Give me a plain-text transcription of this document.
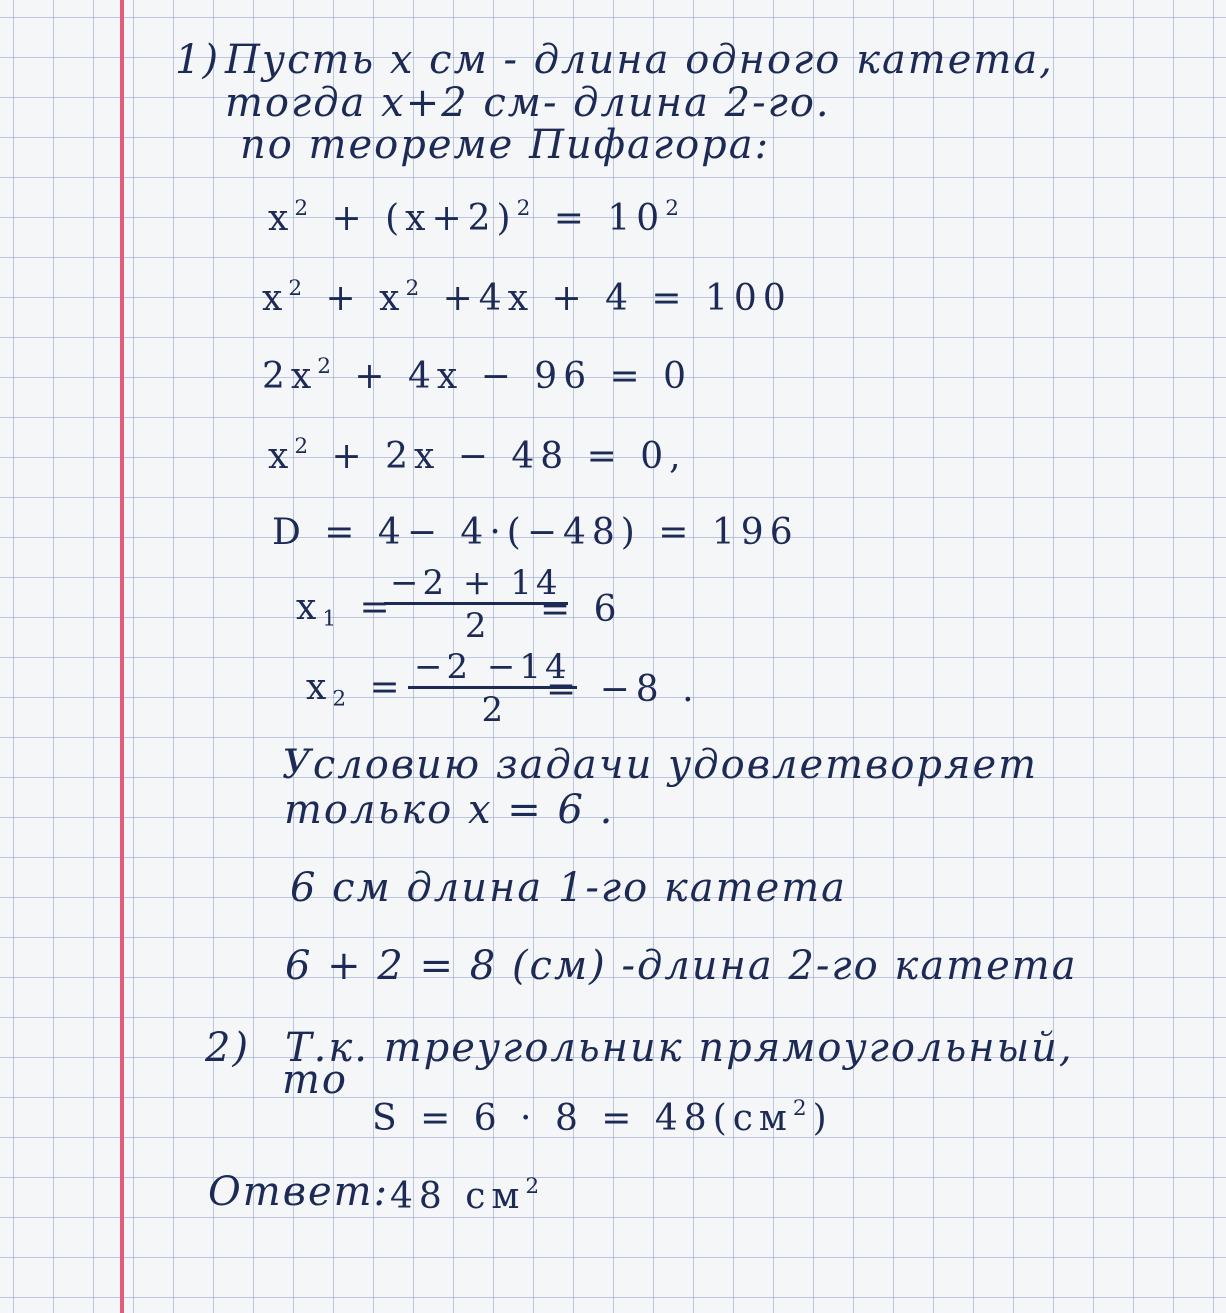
1) Пусть x см - длина одного катета,
тогда x+2 см- длина 2-го.
по теореме Пифагора:
$x^2 + (x+2)^2 = 10^2$
$x^2 + x^2 +4x + 4 = 100$
$2x^2 + 4x - 96 = 0$
$x^2 + 2x - 48 = 0$,
D = 4− 4·(−48) = 196
$x_1$ =
$\frac{-2 + 14}{2}$
= 6
$x_2 = \frac{-2 -14}{2}$
= −8 .
Условию задачи удовлетворяет
только x = 6 .
6 см длина 1-го катета
6 + 2 = 8 (см) -длина 2-го катета
2) Т.к. треугольник прямоугольный,
то
$S = 6 \cdot 8 = 48(см^2)$
Ответ: 48 $см^2$
